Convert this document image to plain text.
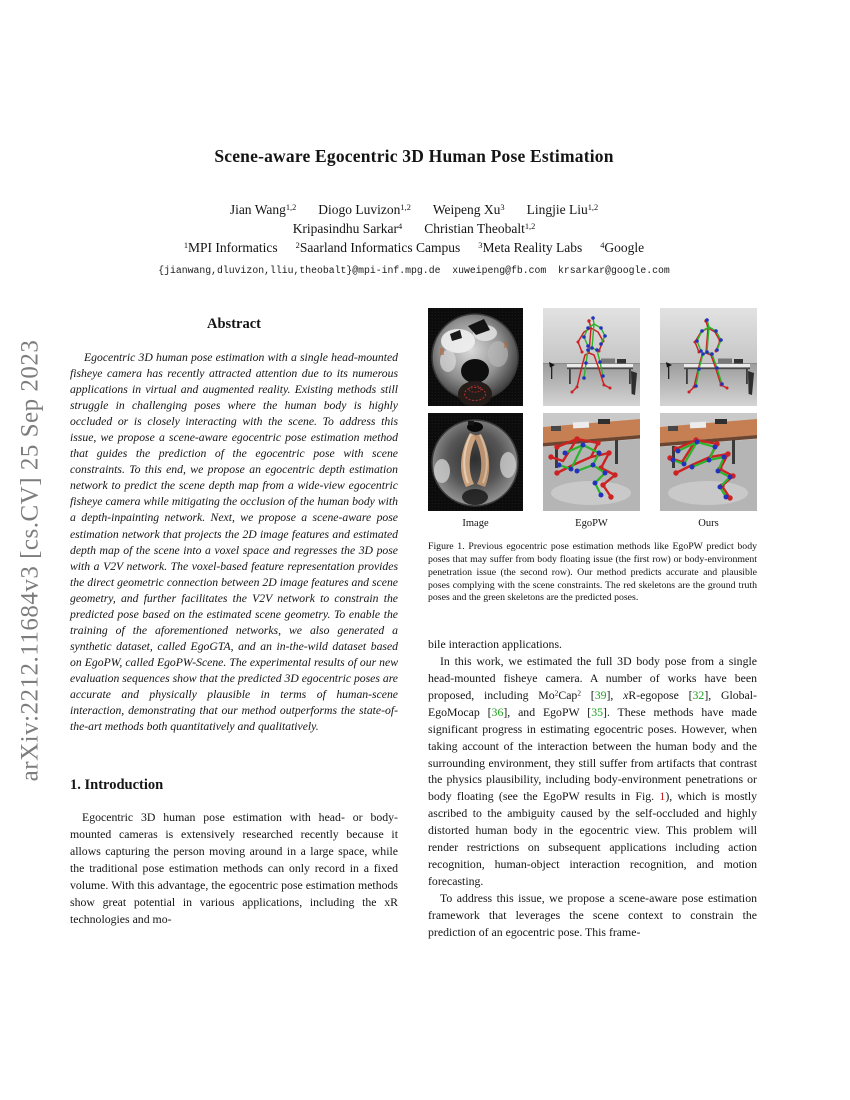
arXiv:2212.11684v3 [cs.CV] 25 Sep 2023
Scene-aware Egocentric 3D Human Pose Estimation
Jian Wang$^{1,2}$ Diogo Luvizon$^{1,2}$ Weipeng Xu$^3$ Lingjie Liu$^{1,2}$
Kripasindhu Sarkar$^4$ Christian Theobalt$^{1,2}$
$^1$MPI Informatics $^2$Saarland Informatics Campus $^3$Meta Reality Labs $^4$Google
{jianwang,dluvizon,lliu,theobalt}@mpi-inf.mpg.de  xuweipeng@fb.com  krsarkar@google.com
Abstract

Egocentric 3D human pose estimation with a single head-mounted fisheye camera has recently attracted attention due to its numerous applications in virtual and augmented reality. Existing methods still struggle in challenging poses where the human body is highly occluded or is closely interacting with the scene. To address this issue, we propose a scene-aware egocentric pose estimation method that guides the prediction of the egocentric pose with scene constraints. To this end, we propose an egocentric depth estimation network to predict the scene depth map from a wide-view egocentric fisheye camera while mitigating the occlusion of the human body with a depth-inpainting network. Next, we propose a scene-aware pose estimation network that projects the 2D image features and estimated depth map of the scene into a voxel space and regresses the 3D pose with a V2V network. The voxel-based feature representation provides the direct geometric connection between 2D image features and scene geometry, and further facilitates the V2V network to constrain the predicted pose based on the estimated scene geometry. To enable the training of the aforementioned networks, we also generated a synthetic dataset, called EgoGTA, and an in-the-wild dataset based on EgoPW, called EgoPW-Scene. The experimental results of our new evaluation sequences show that the predicted 3D egocentric poses are accurate and physically plausible in terms of human-scene interaction, demonstrating that our method outperforms the state-of-the-art methods both quantitatively and qualitatively.

1. Introduction

Egocentric 3D human pose estimation with head- or body-mounted cameras is extensively researched recently because it allows capturing the person moving around in a large space, while the traditional pose estimation methods can only record in a fixed volume. With this advantage, the egocentric pose estimation methods show great potential in various applications, including the xR technologies and mo-

Image	EgoPW	Ours
Figure 1. Previous egocentric pose estimation methods like EgoPW predict body poses that may suffer from body floating issue (the first row) or body-environment penetration issue (the second row). Our method predicts accurate and plausible poses complying with the scene constraints. The red skeletons are the ground truth poses and the green skeletons are the predicted poses.

bile interaction applications.

In this work, we estimated the full 3D body pose from a single head-mounted fisheye camera. A number of works have been proposed, including Mo$^2$Cap$^2$ [39], xR-egopose [32], Global-EgoMocap [36], and EgoPW [35]. These methods have made significant progress in estimating egocentric poses. However, when taking account of the interaction between the human body and the surrounding environment, they still suffer from artifacts that contrast the physics plausibility, including body-environment penetrations or body floating (see the EgoPW results in Fig. 1), which is mostly ascribed to the ambiguity caused by the self-occluded and highly distorted human body in the egocentric view. This problem will render restrictions on subsequent applications including action recognition, human-object interaction recognition, and motion forecasting.

To address this issue, we propose a scene-aware pose estimation framework that leverages the scene context to constrain the prediction of an egocentric pose. This frame-
